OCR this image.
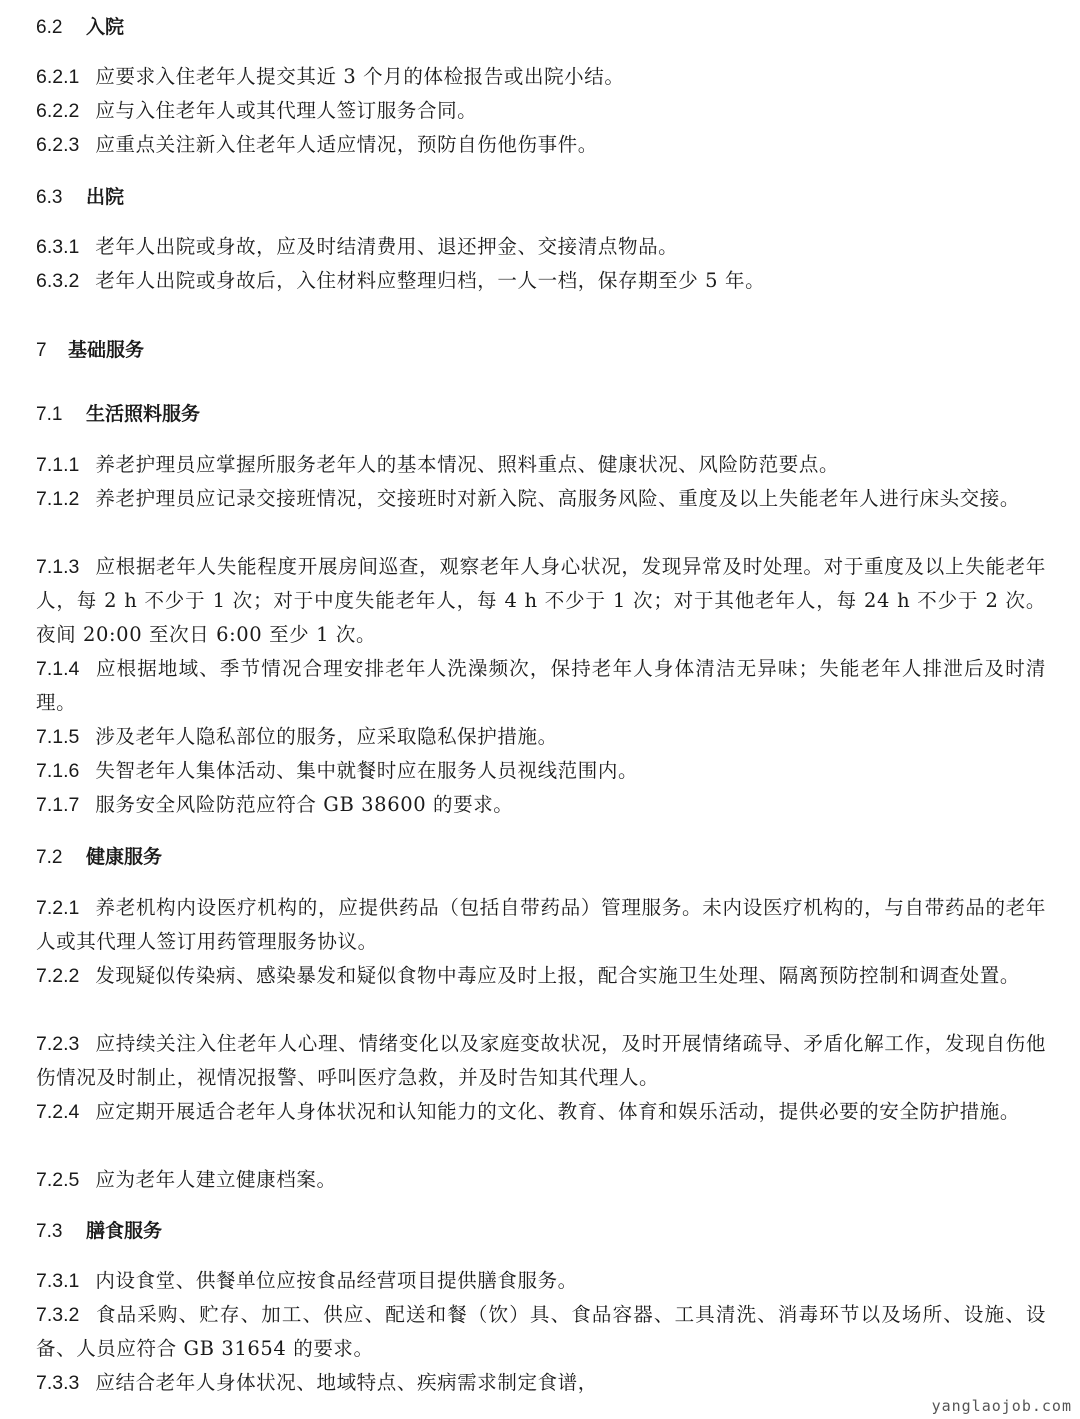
6.2 入院
6.2.1 应要求入住老年人提交其近 3 个月的体检报告或出院小结。
6.2.2 应与入住老年人或其代理人签订服务合同。
6.2.3 应重点关注新入住老年人适应情况，预防自伤他伤事件。
6.3 出院
6.3.1 老年人出院或身故，应及时结清费用、退还押金、交接清点物品。
6.3.2 老年人出院或身故后，入住材料应整理归档，一人一档，保存期至少 5 年。
7 基础服务
7.1 生活照料服务
7.1.1 养老护理员应掌握所服务老年人的基本情况、照料重点、健康状况、风险防范要点。
7.1.2 养老护理员应记录交接班情况，交接班时对新入院、高服务风险、重度及以上失能老年人进行床头交接。
7.1.3 应根据老年人失能程度开展房间巡查，观察老年人身心状况，发现异常及时处理。对于重度及以上失能老年人，每 2 h 不少于 1 次；对于中度失能老年人，每 4 h 不少于 1 次；对于其他老年人，每 24 h 不少于 2 次。夜间 20:00 至次日 6:00 至少 1 次。
7.1.4 应根据地域、季节情况合理安排老年人洗澡频次，保持老年人身体清洁无异味；失能老年人排泄后及时清理。
7.1.5 涉及老年人隐私部位的服务，应采取隐私保护措施。
7.1.6 失智老年人集体活动、集中就餐时应在服务人员视线范围内。
7.1.7 服务安全风险防范应符合 GB 38600 的要求。
7.2 健康服务
7.2.1 养老机构内设医疗机构的，应提供药品（包括自带药品）管理服务。未内设医疗机构的，与自带药品的老年人或其代理人签订用药管理服务协议。
7.2.2 发现疑似传染病、感染暴发和疑似食物中毒应及时上报，配合实施卫生处理、隔离预防控制和调查处置。
7.2.3 应持续关注入住老年人心理、情绪变化以及家庭变故状况，及时开展情绪疏导、矛盾化解工作，发现自伤他伤情况及时制止，视情况报警、呼叫医疗急救，并及时告知其代理人。
7.2.4 应定期开展适合老年人身体状况和认知能力的文化、教育、体育和娱乐活动，提供必要的安全防护措施。
7.2.5 应为老年人建立健康档案。
7.3 膳食服务
7.3.1 内设食堂、供餐单位应按食品经营项目提供膳食服务。
7.3.2 食品采购、贮存、加工、供应、配送和餐（饮）具、食品容器、工具清洗、消毒环节以及场所、设施、设备、人员应符合 GB 31654 的要求。
7.3.3 应结合老年人身体状况、地域特点、疾病需求制定食谱，
yanglaojob.com
